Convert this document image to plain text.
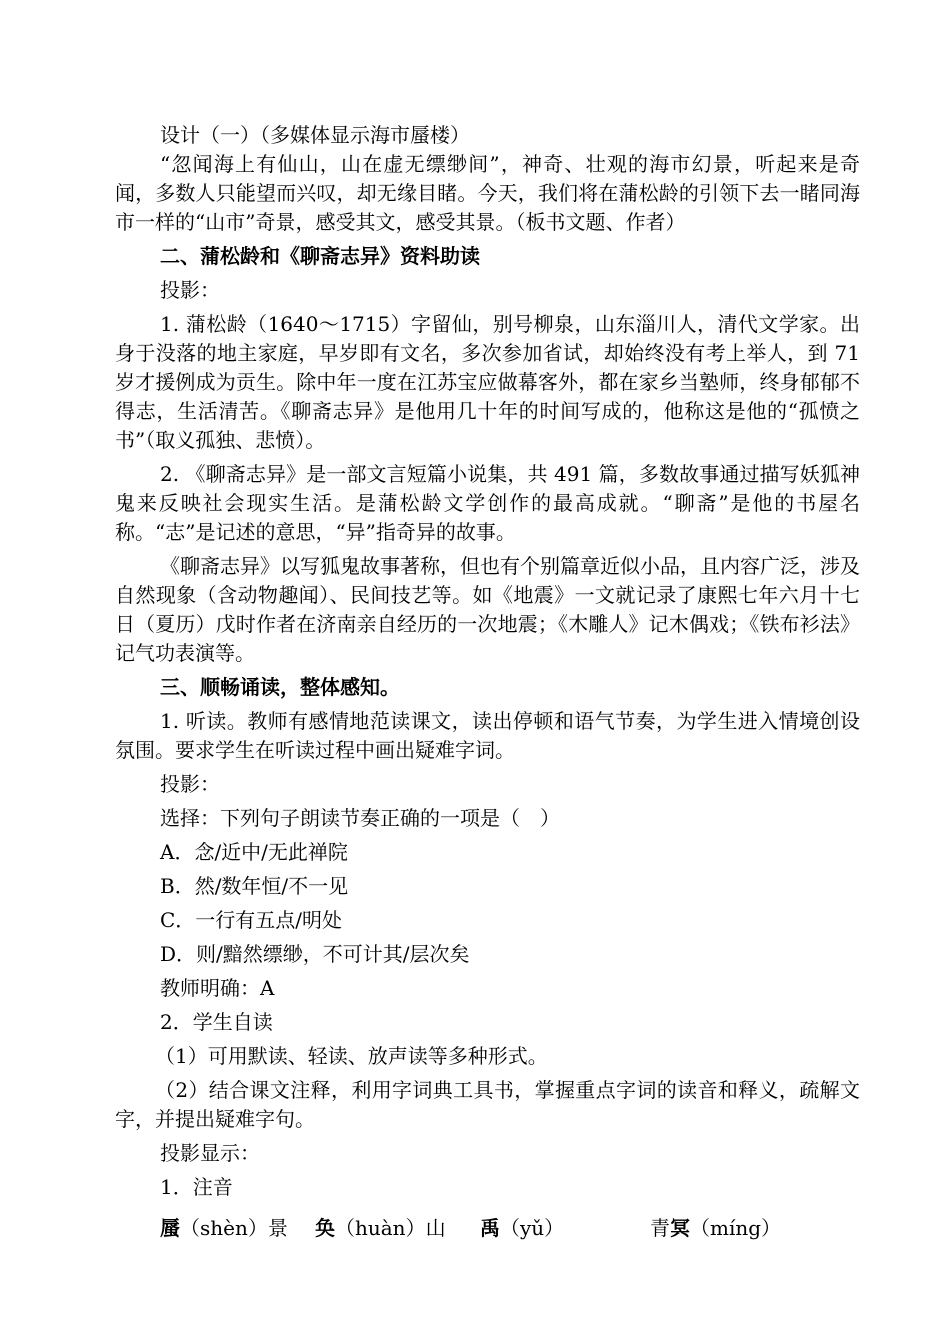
设计（一）（多媒体显示海市蜃楼）

“忽闻海上有仙山，山在虚无缥缈间”，神奇、壮观的海市幻景，听起来是奇闻，多数人只能望而兴叹，却无缘目睹。今天，我们将在蒲松龄的引领下去一睹同海市一样的“山市”奇景，感受其文，感受其景。（板书文题、作者）

二、蒲松龄和《聊斋志异》资料助读

投影：

1. 蒲松龄（1640～1715）字留仙，别号柳泉，山东淄川人，清代文学家。出身于没落的地主家庭，早岁即有文名，多次参加省试，却始终没有考上举人，到 71 岁才援例成为贡生。除中年一度在江苏宝应做幕客外，都在家乡当塾师，终身郁郁不得志，生活清苦。《聊斋志异》是他用几十年的时间写成的，他称这是他的“孤愤之书”（取义孤独、悲愤）。

2. 《聊斋志异》是一部文言短篇小说集，共 491 篇，多数故事通过描写妖狐神鬼来反映社会现实生活。是蒲松龄文学创作的最高成就。“聊斋”是他的书屋名称。“志”是记述的意思，“异”指奇异的故事。

《聊斋志异》以写狐鬼故事著称，但也有个别篇章近似小品，且内容广泛，涉及自然现象（含动物趣闻）、民间技艺等。如《地震》一文就记录了康熙七年六月十七日（夏历）戊时作者在济南亲自经历的一次地震；《木雕人》记木偶戏；《铁布衫法》记气功表演等。

三、顺畅诵读，整体感知。

1. 听读。教师有感情地范读课文，读出停顿和语气节奏，为学生进入情境创设氛围。要求学生在听读过程中画出疑难字词。

投影：

选择：下列句子朗读节奏正确的一项是（　）

A．念/近中/无此禅院

B．然/数年恒/不一见

C．一行有五点/明处

D．则/黯然缥缈，不可计其/层次矣

教师明确：A

2．学生自读

（1）可用默读、轻读、放声读等多种形式。

（2）结合课文注释，利用字词典工具书，掌握重点字词的读音和释义，疏解文字，并提出疑难字句。

投影显示：

1．注音

蜃（shèn）景 奂（huàn）山 禹（yǔ）	青冥（míng）
